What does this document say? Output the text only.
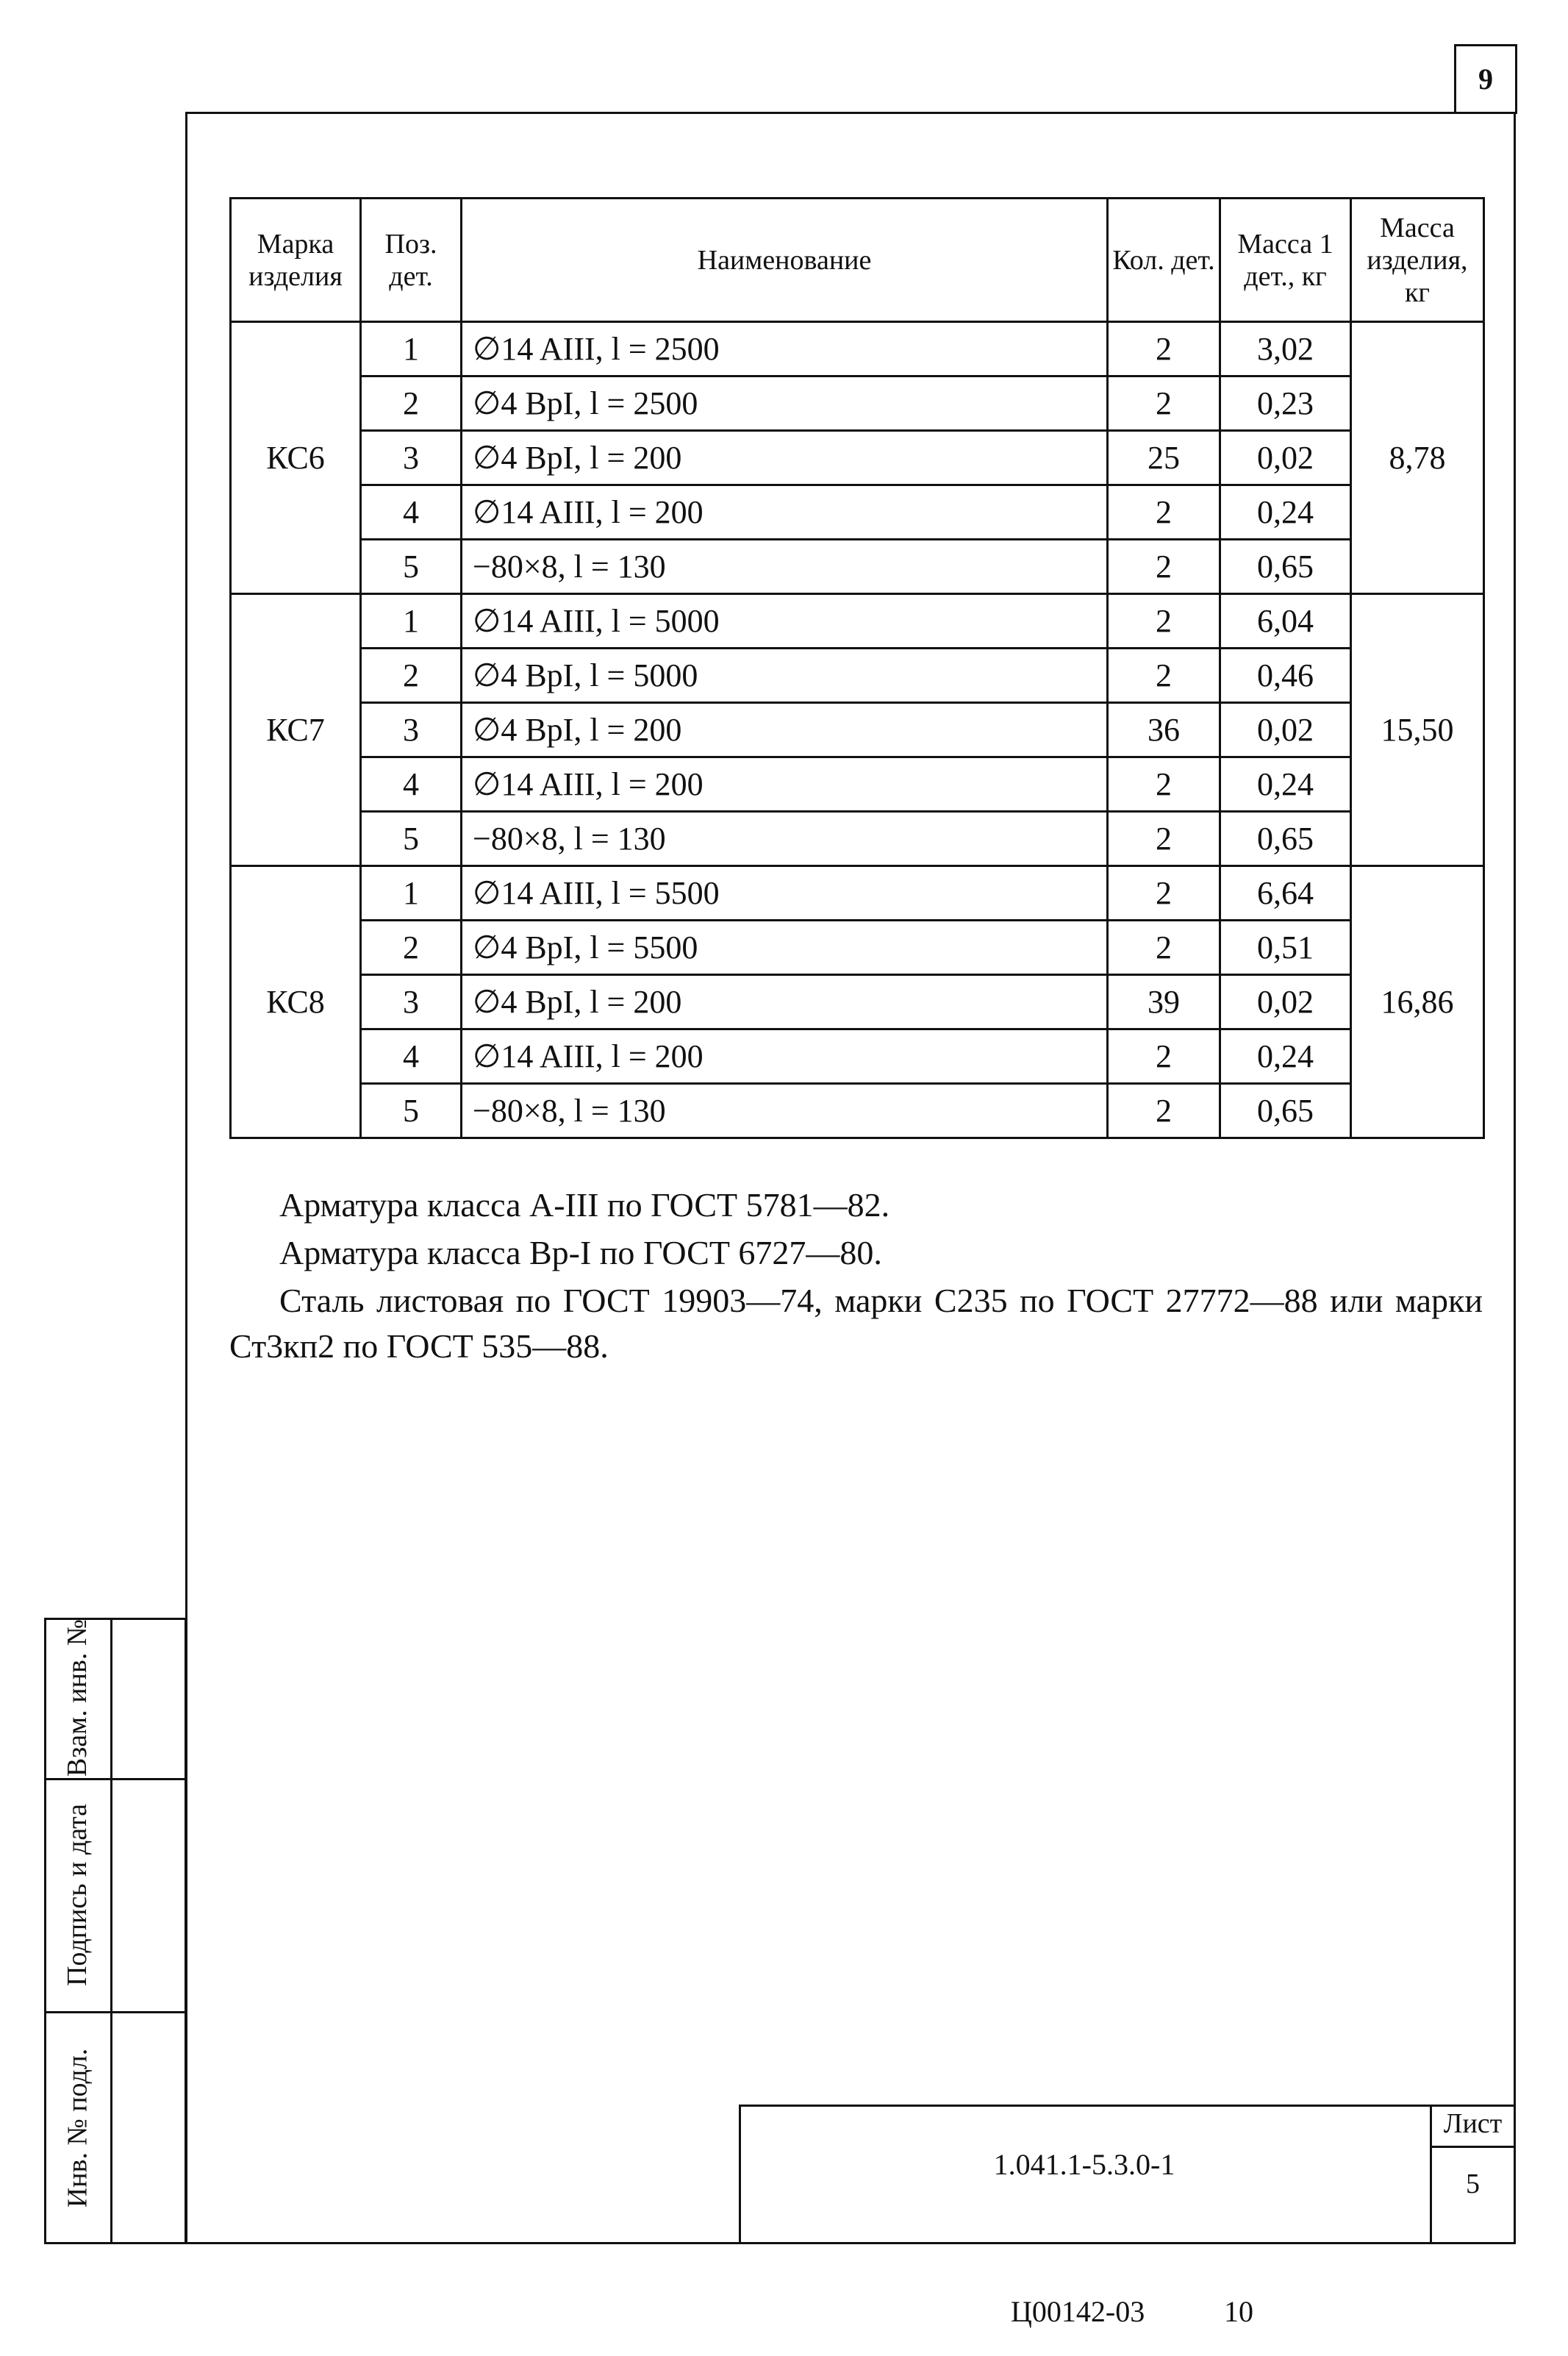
9
Марка изделия	Поз. дет.	Наименование	Кол. дет.	Масса 1 дет., кг	Масса изделия, кг
КС6	1	∅14 AIII, l = 2500	2	3,02	8,78
	2	∅4 BpI, l = 2500	2	0,23	
	3	∅4 BpI, l = 200	25	0,02	
	4	∅14 AIII, l = 200	2	0,24	
	5	−80×8, l = 130	2	0,65	
КС7	1	∅14 AIII, l = 5000	2	6,04	15,50
	2	∅4 BpI, l = 5000	2	0,46	
	3	∅4 BpI, l = 200	36	0,02	
	4	∅14 AIII, l = 200	2	0,24	
	5	−80×8, l = 130	2	0,65	
КС8	1	∅14 AIII, l = 5500	2	6,64	16,86
	2	∅4 BpI, l = 5500	2	0,51	
	3	∅4 BpI, l = 200	39	0,02	
	4	∅14 AIII, l = 200	2	0,24	
	5	−80×8, l = 130	2	0,65	
Арматура класса А-III по ГОСТ 5781—82.
Арматура класса Вр-I по ГОСТ 6727—80.
Сталь листовая по ГОСТ 19903—74, марки С235 по ГОСТ 27772—88 или марки Ст3кп2 по ГОСТ 535—88.
Взам. инв. №
Подпись и дата
Инв. № подл.	1.041.1-5.3.0-1
Лист
5
Ц00142-03	10
